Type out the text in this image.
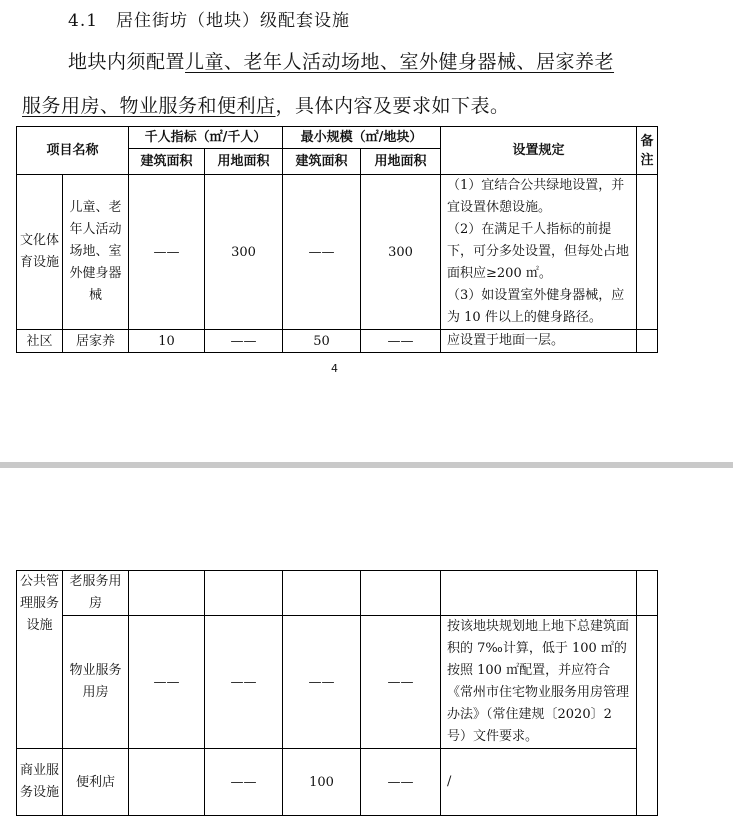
4.1　居住街坊（地块）级配套设施
地块内须配置儿童、老年人活动场地、室外健身器械、居家养老
服务用房、物业服务和便利店，具体内容及要求如下表。
项目名称		千人指标（㎡/千人）		最小规模（㎡/地块）		设置规定	备注
		建筑面积	用地面积	建筑面积	用地面积		
文化体育设施	儿童、老年人活动场地、室外健身器械	——	300	——	300	（1）宜结合公共绿地设置，并宜设置休憩设施。
（2）在满足千人指标的前提下，可分多处设置，但每处占地面积应≥200 ㎡。
（3）如设置室外健身器械，应为 10 件以上的健身路径。	

社区	居家养	10	——	50	——	应设置于地面一层。	
4
公共管理服务设施	老服务用房						
	物业服务用房	——	——	——	——	按该地块规划地上地下总建筑面积的 7‰计算，低于 100 ㎡的按照 100 ㎡配置，并应符合《常州市住宅物业服务用房管理办法》（常住建规〔2020〕2 号）文件要求。	
商业服务设施	便利店		——	100	——	/	
